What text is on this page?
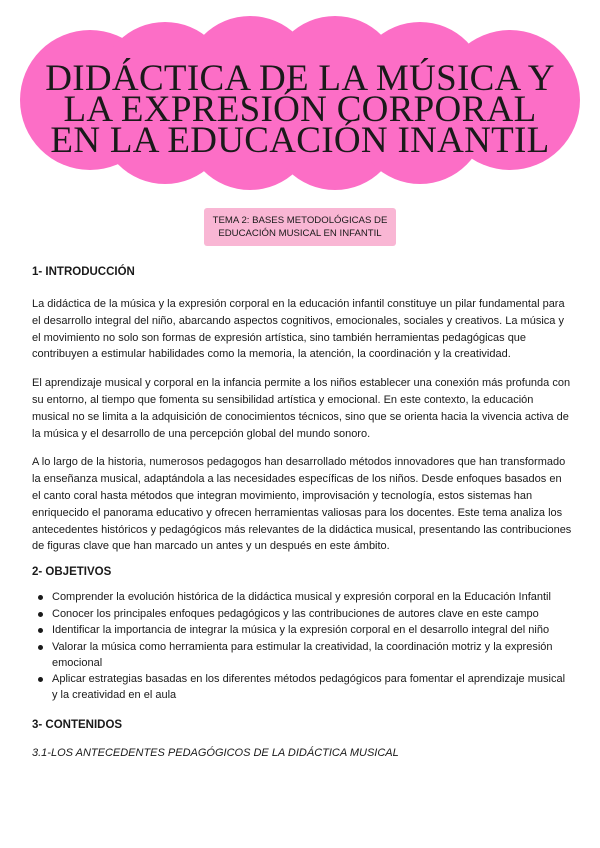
DIDÁCTICA DE LA MÚSICA Y
LA EXPRESIÓN CORPORAL
EN LA EDUCACIÓN INANTIL
TEMA 2: BASES METODOLÓGICAS DE
EDUCACIÓN MUSICAL EN INFANTIL
1- INTRODUCCIÓN

La didáctica de la música y la expresión corporal en la educación infantil constituye un pilar fundamental para el desarrollo integral del niño, abarcando aspectos cognitivos, emocionales, sociales y creativos. La música y el movimiento no solo son formas de expresión artística, sino también herramientas pedagógicas que contribuyen a estimular habilidades como la memoria, la atención, la coordinación y la creatividad.

El aprendizaje musical y corporal en la infancia permite a los niños establecer una conexión más profunda con su entorno, al tiempo que fomenta su sensibilidad artística y emocional. En este contexto, la educación musical no se limita a la adquisición de conocimientos técnicos, sino que se orienta hacia la vivencia activa de la música y el desarrollo de una percepción global del mundo sonoro.

A lo largo de la historia, numerosos pedagogos han desarrollado métodos innovadores que han transformado la enseñanza musical, adaptándola a las necesidades específicas de los niños. Desde enfoques basados en el canto coral hasta métodos que integran movimiento, improvisación y tecnología, estos sistemas han enriquecido el panorama educativo y ofrecen herramientas valiosas para los docentes. Este tema analiza los antecedentes históricos y pedagógicos más relevantes de la didáctica musical, presentando las contribuciones de figuras clave que han marcado un antes y un después en este ámbito.

2- OBJETIVOS
Comprender la evolución histórica de la didáctica musical y expresión corporal en la Educación Infantil
Conocer los principales enfoques pedagógicos y las contribuciones de autores clave en este campo
Identificar la importancia de integrar la música y la expresión corporal en el desarrollo integral del niño
Valorar la música como herramienta para estimular la creatividad, la coordinación motriz y la expresión emocional
Aplicar estrategias basadas en los diferentes métodos pedagógicos para fomentar el aprendizaje musical y la creatividad en el aula
3- CONTENIDOS

3.1-LOS ANTECEDENTES PEDAGÓGICOS DE LA DIDÁCTICA MUSICAL
